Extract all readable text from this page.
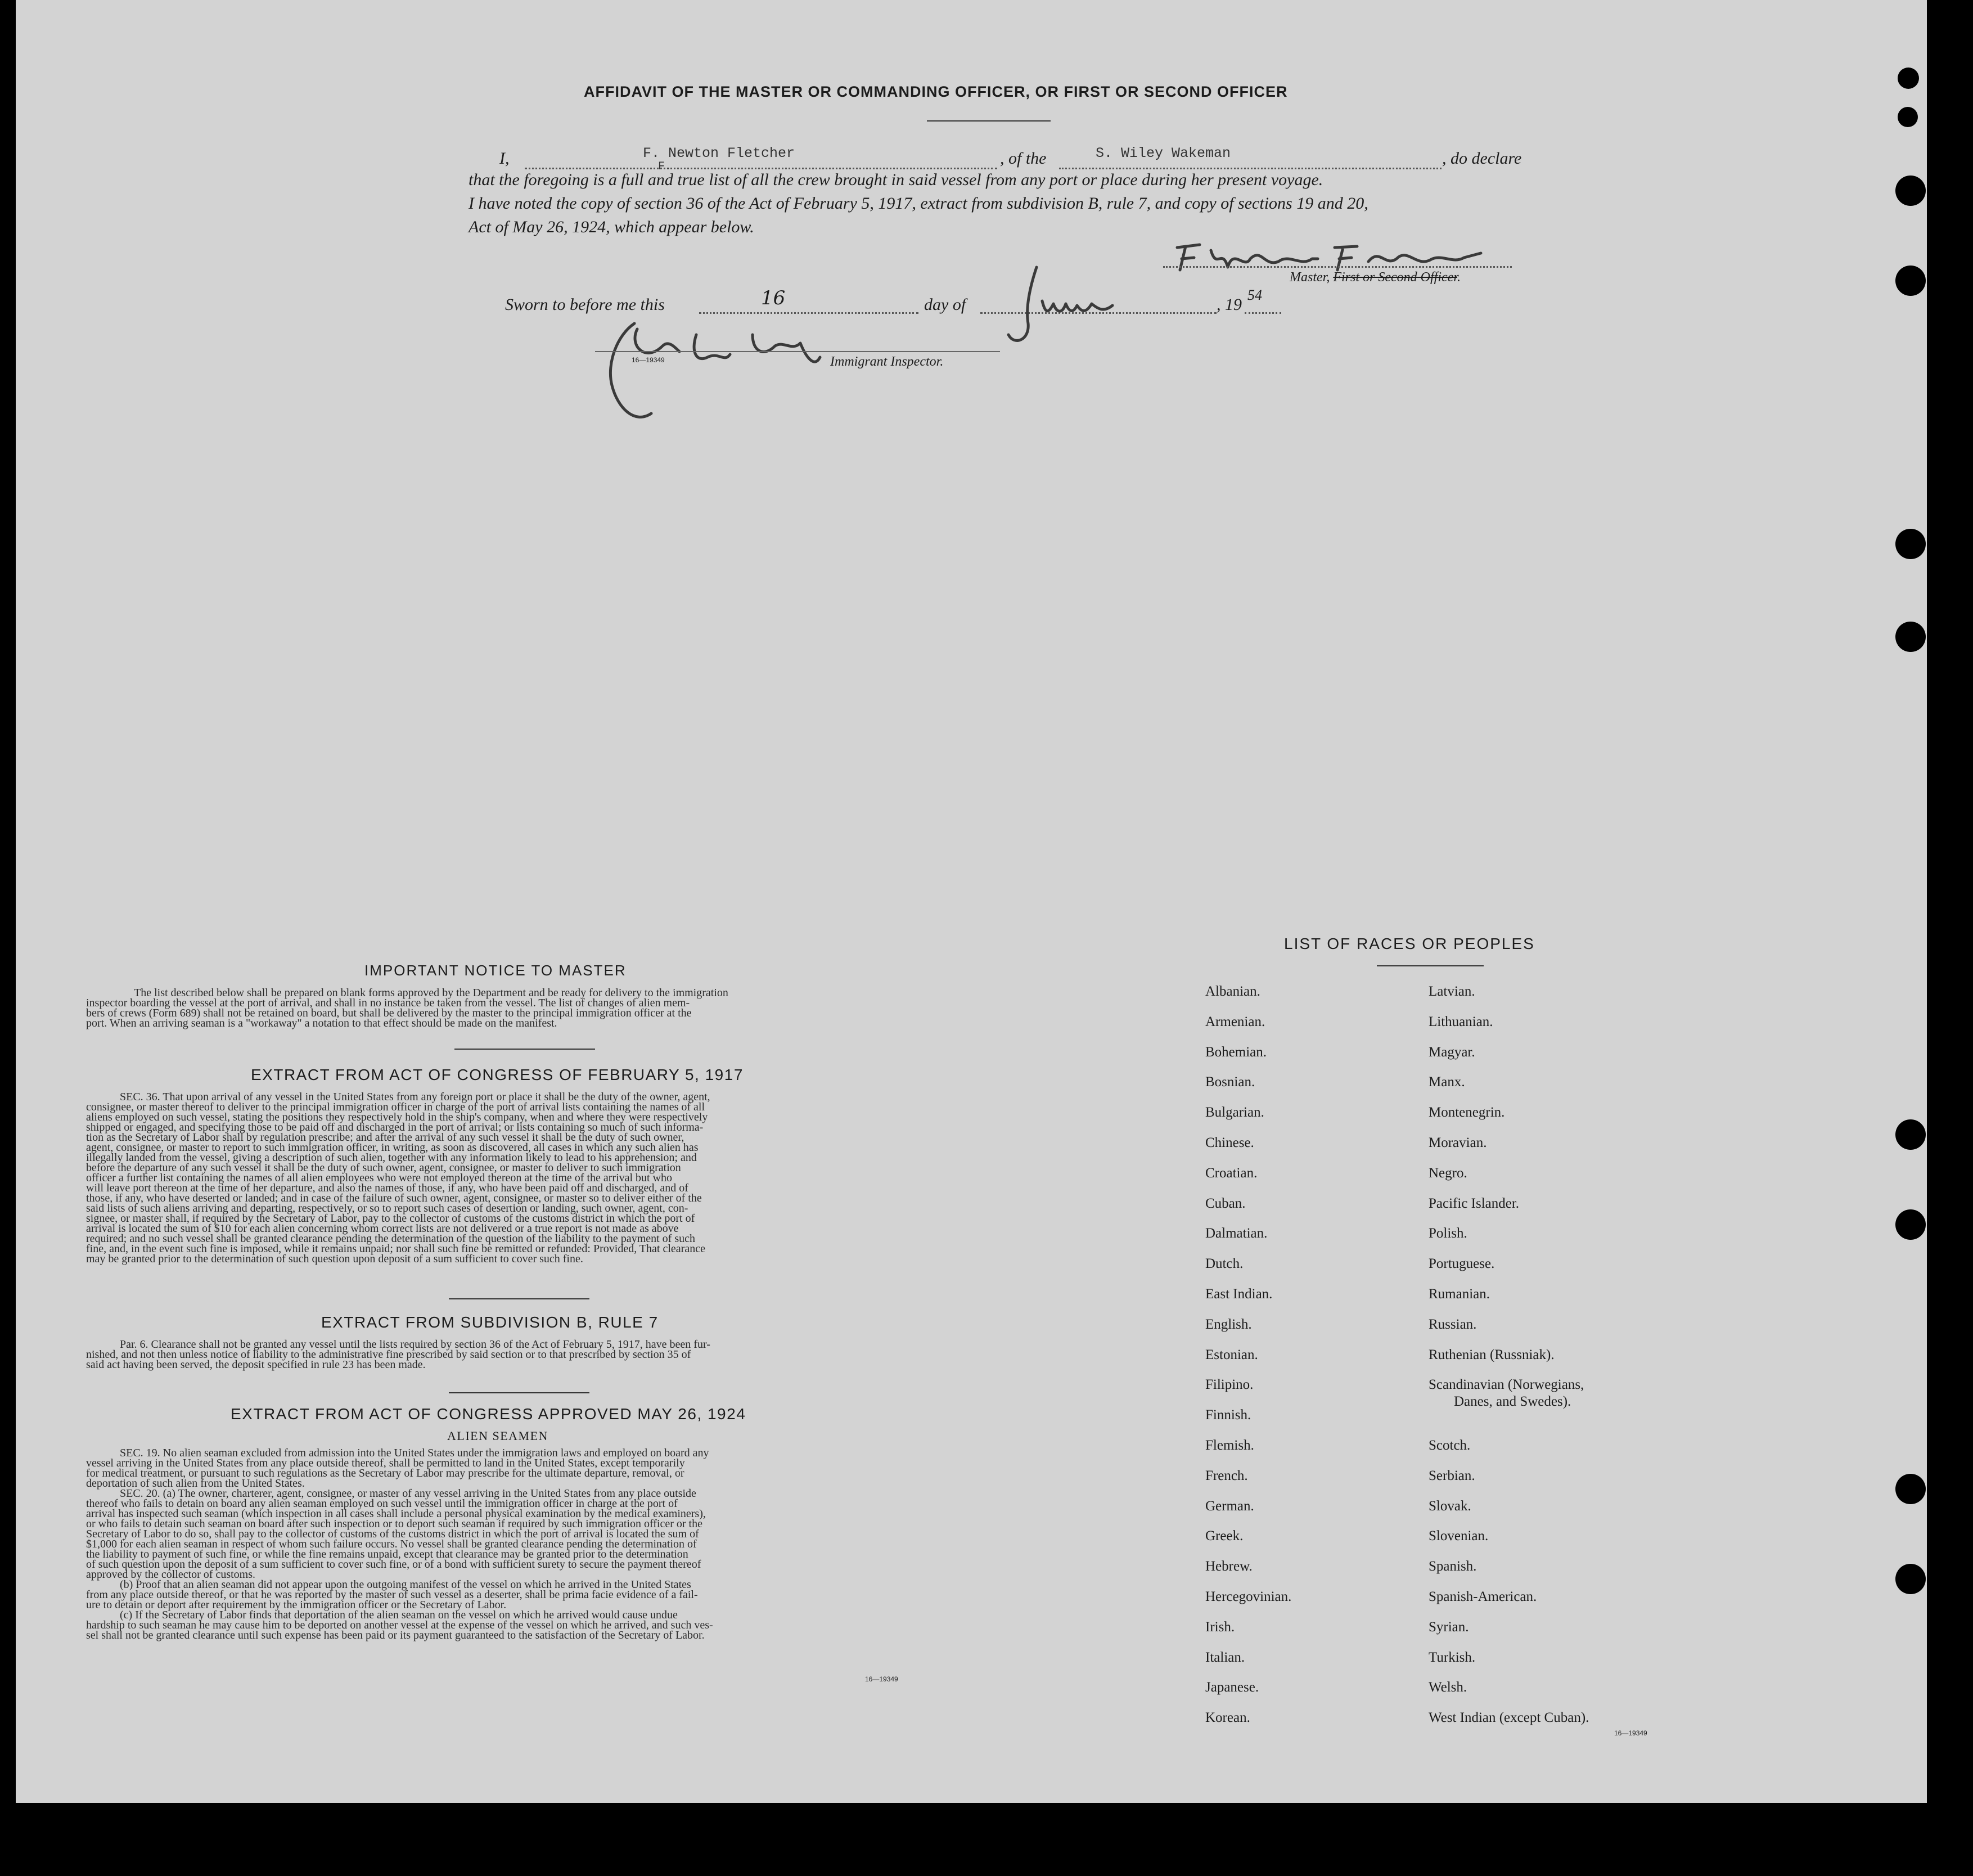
AFFIDAVIT OF THE MASTER OR COMMANDING OFFICER, OR FIRST OR SECOND OFFICER
I,	F. Newton Fletcher
F.	, of the	S. Wiley Wakeman	, do declare
that the foregoing is a full and true list of all the crew brought in said vessel from any port or place during her present voyage.
I have noted the copy of section 36 of the Act of February 5, 1917, extract from subdivision B, rule 7, and copy of sections 19 and 20,
Act of May 26, 1924, which appear below.
Master, First or Second Officer.
Sworn to before me this	16	day of	, 19
54
16—19349	Immigrant Inspector.
IMPORTANT NOTICE TO MASTER
The list described below shall be prepared on blank forms approved by the Department and be ready for delivery to the immigration
inspector boarding the vessel at the port of arrival, and shall in no instance be taken from the vessel. The list of changes of alien mem-
bers of crews (Form 689) shall not be retained on board, but shall be delivered by the master to the principal immigration officer at the
port. When an arriving seaman is a "workaway" a notation to that effect should be made on the manifest.
EXTRACT FROM ACT OF CONGRESS OF FEBRUARY 5, 1917
SEC. 36. That upon arrival of any vessel in the United States from any foreign port or place it shall be the duty of the owner, agent,
consignee, or master thereof to deliver to the principal immigration officer in charge of the port of arrival lists containing the names of all
aliens employed on such vessel, stating the positions they respectively hold in the ship's company, when and where they were respectively
shipped or engaged, and specifying those to be paid off and discharged in the port of arrival; or lists containing so much of such informa-
tion as the Secretary of Labor shall by regulation prescribe; and after the arrival of any such vessel it shall be the duty of such owner,
agent, consignee, or master to report to such immigration officer, in writing, as soon as discovered, all cases in which any such alien has
illegally landed from the vessel, giving a description of such alien, together with any information likely to lead to his apprehension; and
before the departure of any such vessel it shall be the duty of such owner, agent, consignee, or master to deliver to such immigration
officer a further list containing the names of all alien employees who were not employed thereon at the time of the arrival but who
will leave port thereon at the time of her departure, and also the names of those, if any, who have been paid off and discharged, and of
those, if any, who have deserted or landed; and in case of the failure of such owner, agent, consignee, or master so to deliver either of the
said lists of such aliens arriving and departing, respectively, or so to report such cases of desertion or landing, such owner, agent, con-
signee, or master shall, if required by the Secretary of Labor, pay to the collector of customs of the customs district in which the port of
arrival is located the sum of $10 for each alien concerning whom correct lists are not delivered or a true report is not made as above
required; and no such vessel shall be granted clearance pending the determination of the question of the liability to the payment of such
fine, and, in the event such fine is imposed, while it remains unpaid; nor shall such fine be remitted or refunded: Provided, That clearance
may be granted prior to the determination of such question upon deposit of a sum sufficient to cover such fine.
EXTRACT FROM SUBDIVISION B, RULE 7
Par. 6. Clearance shall not be granted any vessel until the lists required by section 36 of the Act of February 5, 1917, have been fur-
nished, and not then unless notice of liability to the administrative fine prescribed by said section or to that prescribed by section 35 of
said act having been served, the deposit specified in rule 23 has been made.
EXTRACT FROM ACT OF CONGRESS APPROVED MAY 26, 1924
ALIEN SEAMEN
SEC. 19. No alien seaman excluded from admission into the United States under the immigration laws and employed on board any
vessel arriving in the United States from any place outside thereof, shall be permitted to land in the United States, except temporarily
for medical treatment, or pursuant to such regulations as the Secretary of Labor may prescribe for the ultimate departure, removal, or
deportation of such alien from the United States.
SEC. 20. (a) The owner, charterer, agent, consignee, or master of any vessel arriving in the United States from any place outside
thereof who fails to detain on board any alien seaman employed on such vessel until the immigration officer in charge at the port of
arrival has inspected such seaman (which inspection in all cases shall include a personal physical examination by the medical examiners),
or who fails to detain such seaman on board after such inspection or to deport such seaman if required by such immigration officer or the
Secretary of Labor to do so, shall pay to the collector of customs of the customs district in which the port of arrival is located the sum of
$1,000 for each alien seaman in respect of whom such failure occurs. No vessel shall be granted clearance pending the determination of
the liability to payment of such fine, or while the fine remains unpaid, except that clearance may be granted prior to the determination
of such question upon the deposit of a sum sufficient to cover such fine, or of a bond with sufficient surety to secure the payment thereof
approved by the collector of customs.
(b) Proof that an alien seaman did not appear upon the outgoing manifest of the vessel on which he arrived in the United States
from any place outside thereof, or that he was reported by the master of such vessel as a deserter, shall be prima facie evidence of a fail-
ure to detain or deport after requirement by the immigration officer or the Secretary of Labor.
(c) If the Secretary of Labor finds that deportation of the alien seaman on the vessel on which he arrived would cause undue
hardship to such seaman he may cause him to be deported on another vessel at the expense of the vessel on which he arrived, and such ves-
sel shall not be granted clearance until such expense has been paid or its payment guaranteed to the satisfaction of the Secretary of Labor.
16—19349
LIST OF RACES OR PEOPLES
Albanian.
Armenian.
Bohemian.
Bosnian.
Bulgarian.
Chinese.
Croatian.
Cuban.
Dalmatian.
Dutch.
East Indian.
English.
Estonian.
Filipino.
Finnish.
Flemish.
French.
German.
Greek.
Hebrew.
Hercegovinian.
Irish.
Italian.
Japanese.
Korean.
Latvian.
Lithuanian.
Magyar.
Manx.
Montenegrin.
Moravian.
Negro.
Pacific Islander.
Polish.
Portuguese.
Rumanian.
Russian.
Ruthenian (Russniak).
Scandinavian (Norwegians,
Danes, and Swedes).
Scotch.
Serbian.
Slovak.
Slovenian.
Spanish.
Spanish-American.
Syrian.
Turkish.
Welsh.
West Indian (except Cuban).
16—19349
